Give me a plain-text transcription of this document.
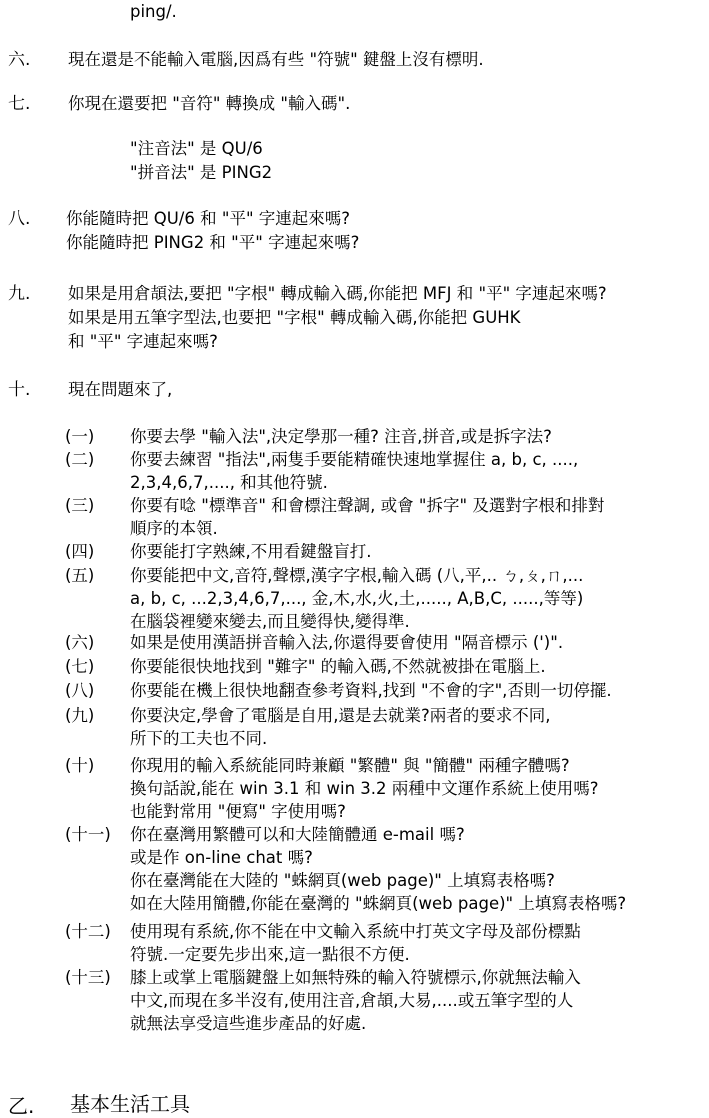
ping/.
六. 現在還是不能輸入電腦,因爲有些 "符號" 鍵盤上沒有標明.
七. 你現在還要把 "音符" 轉換成 "輸入碼".
"注音法" 是 QU/6
"拼音法" 是 PING2
八. 你能隨時把 QU/6 和 "平" 字連起來嗎?
你能隨時把 PING2 和 "平" 字連起來嗎?
九. 如果是用倉頡法,要把 "字根" 轉成輸入碼,你能把 MFJ 和 "平" 字連起來嗎?
如果是用五筆字型法,也要把 "字根" 轉成輸入碼,你能把 GUHK
和 "平" 字連起來嗎?
十. 現在問題來了,
(一) 你要去學 "輸入法",決定學那一種? 注音,拼音,或是拆字法?
(二) 你要去練習 "指法",兩隻手要能精確快速地掌握住 a, b, c, ....,
2,3,4,6,7,...., 和其他符號.
(三) 你要有唸 "標準音" 和會標注聲調, 或會 "拆字" 及選對字根和排對
順序的本領.
(四) 你要能打字熟練,不用看鍵盤盲打.
(五) 你要能把中文,音符,聲標,漢字字根,輸入碼 (八,平,.. ㄅ,ㄆ,ㄇ,...
a, b, c, ...2,3,4,6,7,..., 金,木,水,火,土,....., A,B,C, .....,等等)
在腦袋裡變來變去,而且變得快,變得準.
(六) 如果是使用漢語拼音輸入法,你還得要會使用 "隔音標示 (')".
(七) 你要能很快地找到 "難字" 的輸入碼,不然就被掛在電腦上.
(八) 你要能在機上很快地翻查參考資料,找到 "不會的字",否則一切停擺.
(九) 你要決定,學會了電腦是自用,還是去就業?兩者的要求不同,
所下的工夫也不同.
(十) 你現用的輸入系統能同時兼顧 "繁體" 與 "簡體" 兩種字體嗎?
換句話說,能在 win 3.1 和 win 3.2 兩種中文運作系統上使用嗎?
也能對常用 "便寫" 字使用嗎?
(十一) 你在臺灣用繁體可以和大陸簡體通 e-mail 嗎?
或是作 on-line chat 嗎?
你在臺灣能在大陸的 "蛛網頁(web page)" 上填寫表格嗎?
如在大陸用簡體,你能在臺灣的 "蛛網頁(web page)" 上填寫表格嗎?
(十二) 使用現有系統,你不能在中文輸入系統中打英文字母及部份標點
符號.一定要先步出來,這一點很不方便.
(十三) 膝上或掌上電腦鍵盤上如無特殊的輸入符號標示,你就無法輸入
中文,而現在多半沒有,使用注音,倉頡,大易,....或五筆字型的人
就無法享受這些進步產品的好處.
乙. 基本生活工具
